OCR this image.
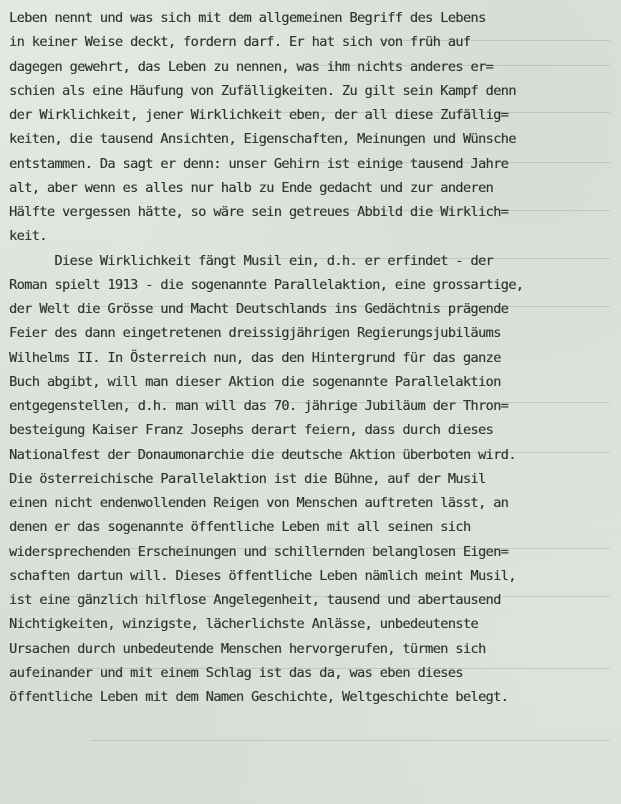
Leben nennt und was sich mit dem allgemeinen Begriff des Lebens
in keiner Weise deckt, fordern darf. Er hat sich von früh auf
dagegen gewehrt, das Leben zu nennen, was ihm nichts anderes er=
schien als eine Häufung von Zufälligkeiten. Zu gilt sein Kampf denn
der Wirklichkeit, jener Wirklichkeit eben, der all diese Zufällig=
keiten, die tausend Ansichten, Eigenschaften, Meinungen und Wünsche
entstammen. Da sagt er denn: unser Gehirn ist einige tausend Jahre
alt, aber wenn es alles nur halb zu Ende gedacht und zur anderen
Hälfte vergessen hätte, so wäre sein getreues Abbild die Wirklich=
keit.
Diese Wirklichkeit fängt Musil ein, d.h. er erfindet - der
Roman spielt 1913 - die sogenannte Parallelaktion, eine grossartige,
der Welt die Grösse und Macht Deutschlands ins Gedächtnis prägende
Feier des dann eingetretenen dreissigjährigen Regierungsjubiläums
Wilhelms II. In Österreich nun, das den Hintergrund für das ganze
Buch abgibt, will man dieser Aktion die sogenannte Parallelaktion
entgegenstellen, d.h. man will das 70. jährige Jubiläum der Thron=
besteigung Kaiser Franz Josephs derart feiern, dass durch dieses
Nationalfest der Donaumonarchie die deutsche Aktion überboten wird.
Die österreichische Parallelaktion ist die Bühne, auf der Musil
einen nicht endenwollenden Reigen von Menschen auftreten lässt, an
denen er das sogenannte öffentliche Leben mit all seinen sich
widersprechenden Erscheinungen und schillernden belanglosen Eigen=
schaften dartun will. Dieses öffentliche Leben nämlich meint Musil,
ist eine gänzlich hilflose Angelegenheit, tausend und abertausend
Nichtigkeiten, winzigste, lächerlichste Anlässe, unbedeutenste
Ursachen durch unbedeutende Menschen hervorgerufen, türmen sich
aufeinander und mit einem Schlag ist das da, was eben dieses
öffentliche Leben mit dem Namen Geschichte, Weltgeschichte belegt.
